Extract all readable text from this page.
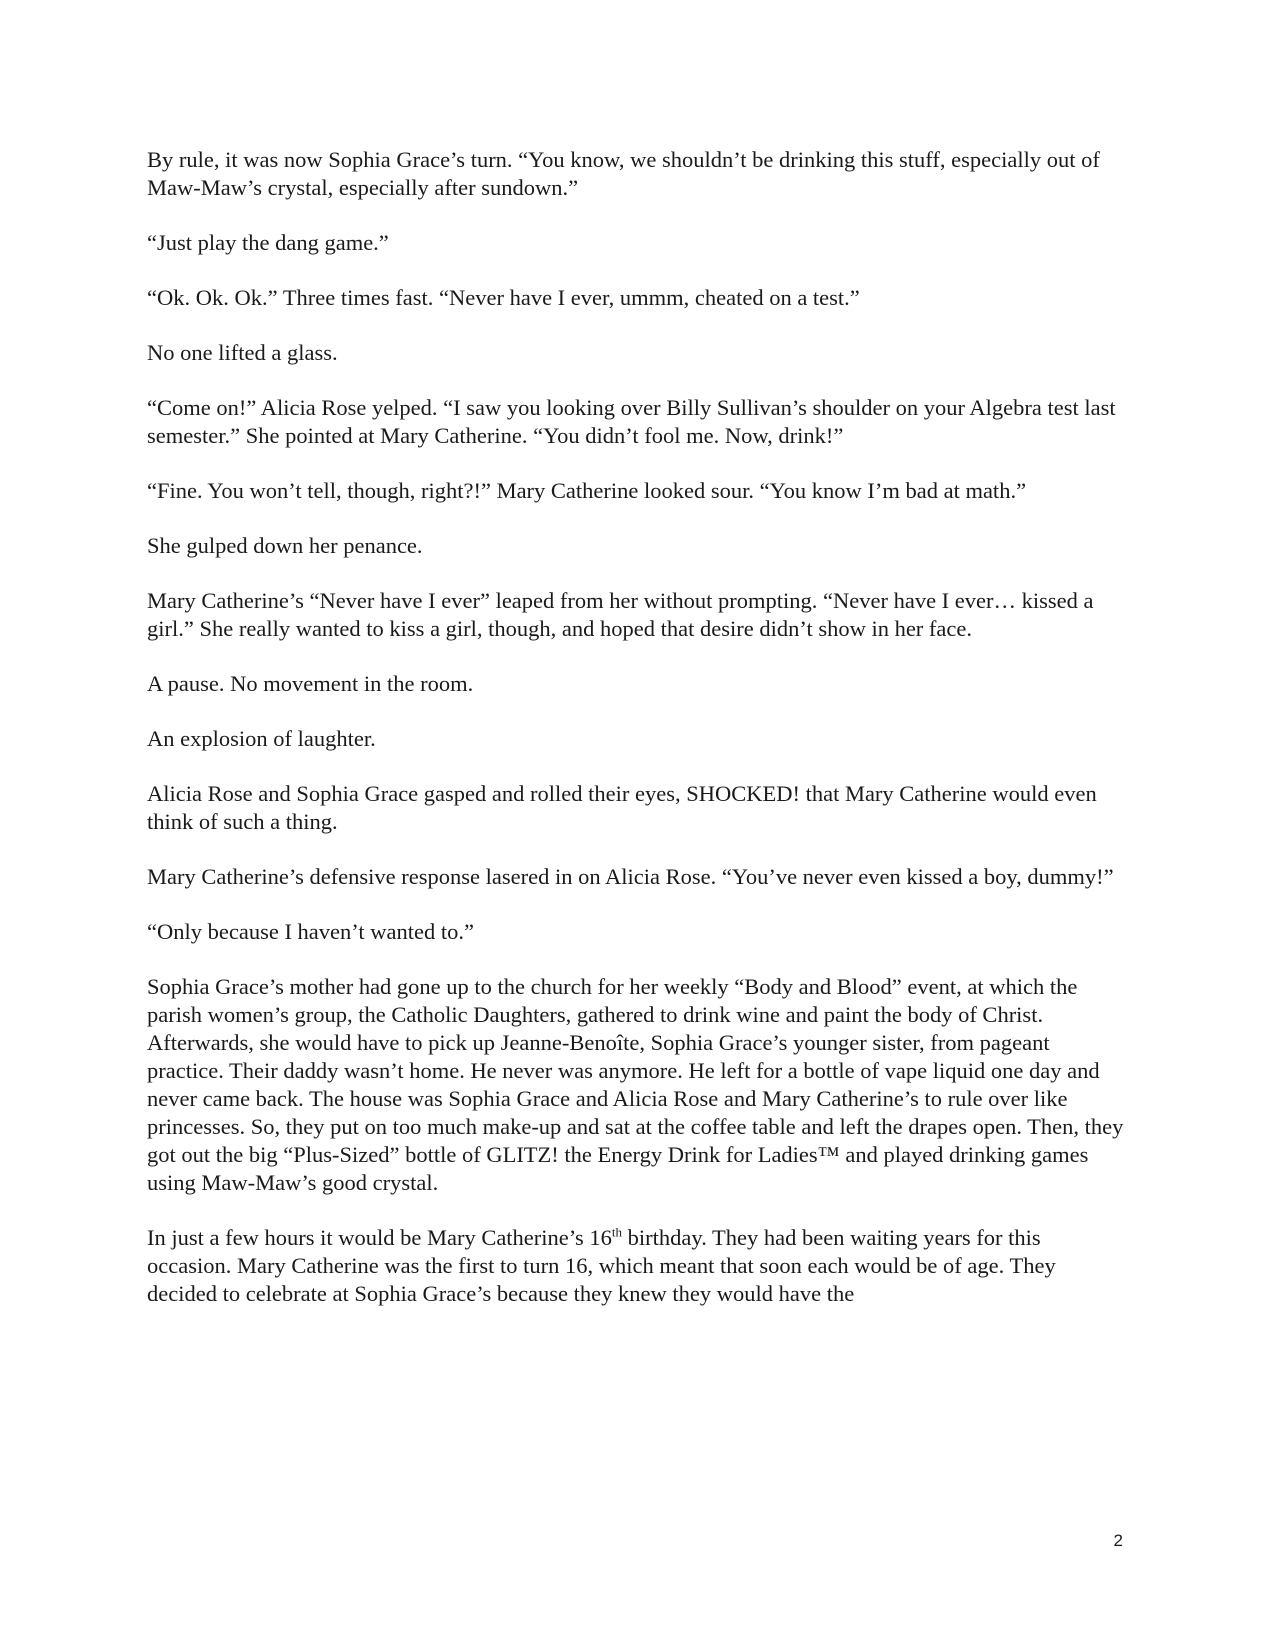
By rule, it was now Sophia Grace’s turn. “You know, we shouldn’t be drinking this stuff, especially out of Maw-Maw’s crystal, especially after sundown.”

“Just play the dang game.”

“Ok. Ok. Ok.” Three times fast. “Never have I ever, ummm, cheated on a test.”

No one lifted a glass.

“Come on!” Alicia Rose yelped. “I saw you looking over Billy Sullivan’s shoulder on your Algebra test last semester.” She pointed at Mary Catherine. “You didn’t fool me. Now, drink!”

“Fine. You won’t tell, though, right?!” Mary Catherine looked sour. “You know I’m bad at math.”

She gulped down her penance.

Mary Catherine’s “Never have I ever” leaped from her without prompting. “Never have I ever… kissed a girl.” She really wanted to kiss a girl, though, and hoped that desire didn’t show in her face.

A pause. No movement in the room.

An explosion of laughter.

Alicia Rose and Sophia Grace gasped and rolled their eyes, SHOCKED! that Mary Catherine would even think of such a thing.

Mary Catherine’s defensive response lasered in on Alicia Rose. “You’ve never even kissed a boy, dummy!”

“Only because I haven’t wanted to.”

Sophia Grace’s mother had gone up to the church for her weekly “Body and Blood” event, at which the parish women’s group, the Catholic Daughters, gathered to drink wine and paint the body of Christ. Afterwards, she would have to pick up Jeanne-Benoîte, Sophia Grace’s younger sister, from pageant practice. Their daddy wasn’t home. He never was anymore. He left for a bottle of vape liquid one day and never came back. The house was Sophia Grace and Alicia Rose and Mary Catherine’s to rule over like princesses. So, they put on too much make-up and sat at the coffee table and left the drapes open. Then, they got out the big “Plus-Sized” bottle of GLITZ! the Energy Drink for Ladies™ and played drinking games using Maw-Maw’s good crystal.

In just a few hours it would be Mary Catherine’s 16th birthday. They had been waiting years for this occasion. Mary Catherine was the first to turn 16, which meant that soon each would be of age. They decided to celebrate at Sophia Grace’s because they knew they would have the

2
